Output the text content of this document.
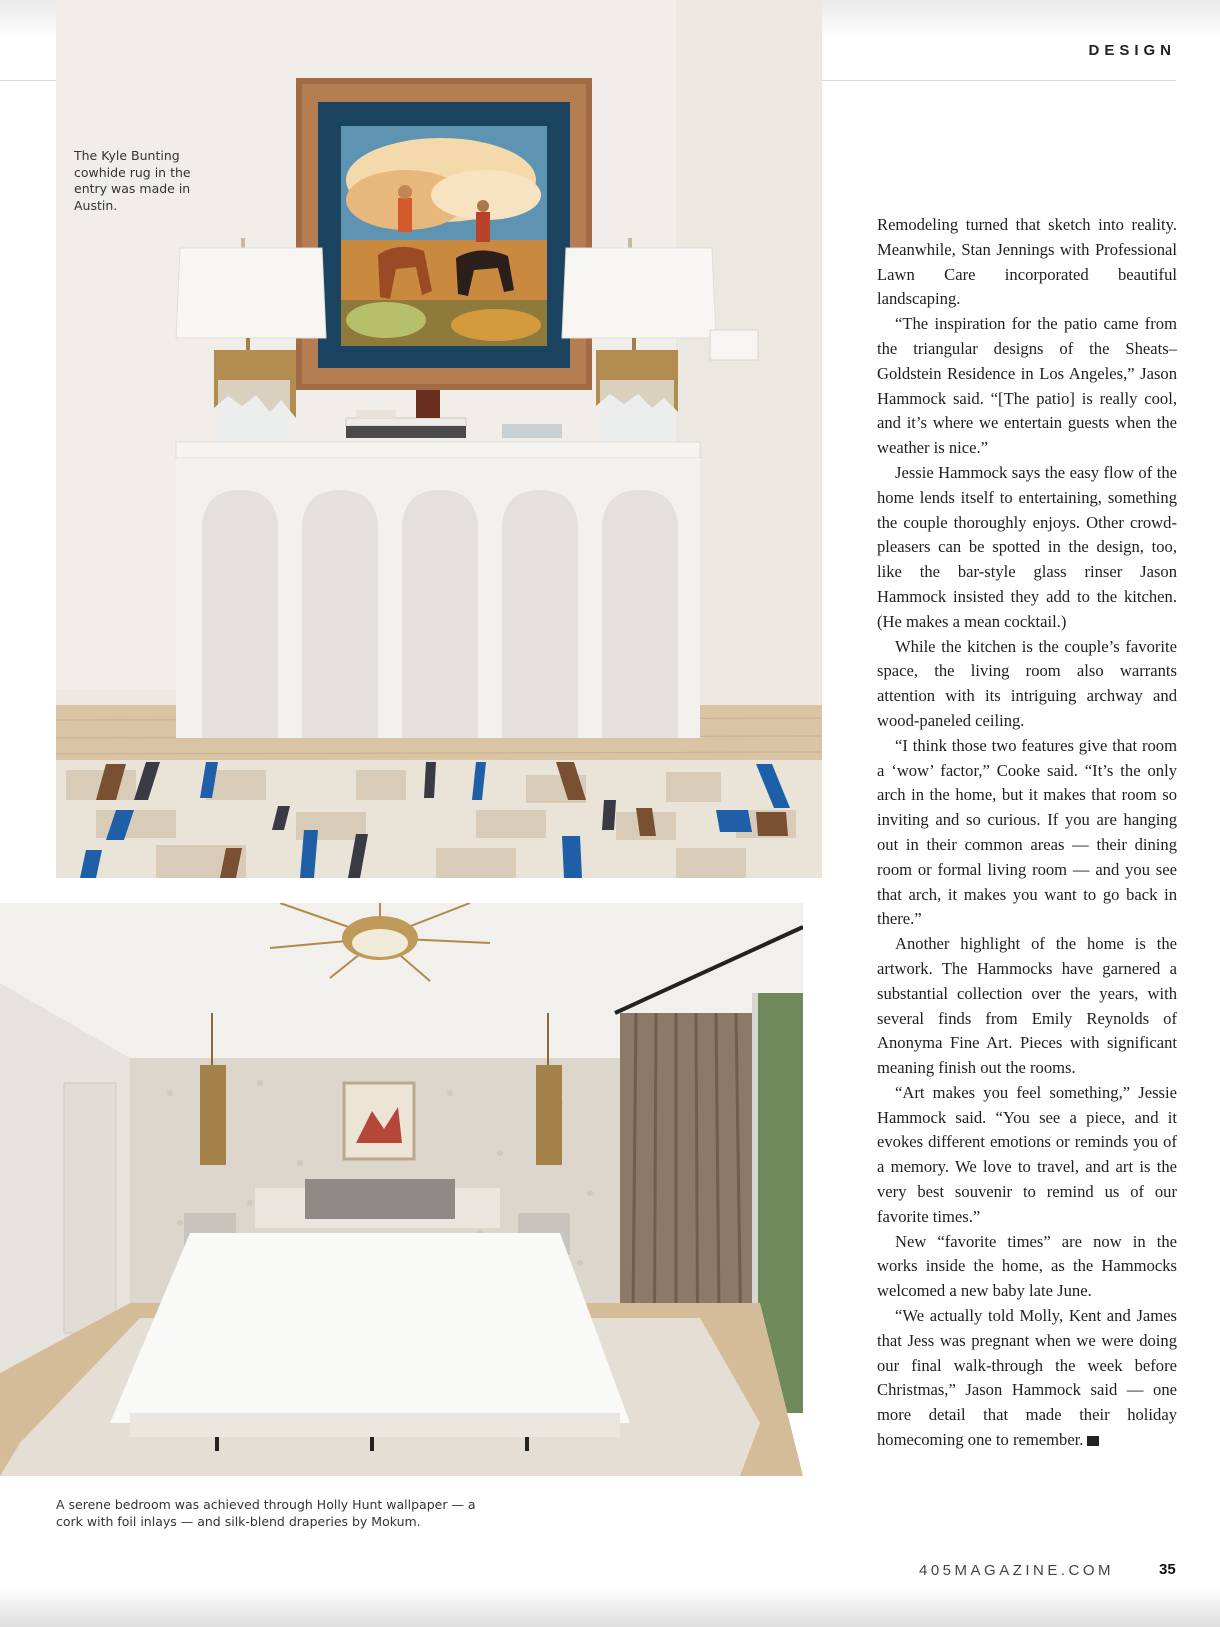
DESIGN
The Kyle Bunting cowhide rug in the entry was made in Austin.
A serene bedroom was achieved through Holly Hunt wallpaper — a cork with foil inlays — and silk-blend draperies by Mokum.

Remodeling turned that sketch into reality. Meanwhile, Stan Jennings with Professional Lawn Care incorporated beautiful landscaping.

“The inspiration for the patio came from the triangular designs of the Sheats–Goldstein Residence in Los Angeles,” Jason Hammock said. “[The patio] is really cool, and it’s where we entertain guests when the weather is nice.”

Jessie Hammock says the easy flow of the home lends itself to entertaining, something the couple thoroughly enjoys. Other crowd-pleasers can be spotted in the design, too, like the bar-style glass rinser Jason Hammock insisted they add to the kitchen. (He makes a mean cocktail.)

While the kitchen is the couple’s favorite space, the living room also warrants attention with its intriguing archway and wood-paneled ceiling.

“I think those two features give that room a ‘wow’ factor,” Cooke said. “It’s the only arch in the home, but it makes that room so inviting and so curious. If you are hanging out in their common areas — their dining room or formal living room — and you see that arch, it makes you want to go back in there.”

Another highlight of the home is the artwork. The Hammocks have garnered a substantial collection over the years, with several finds from Emily Reynolds of Anonyma Fine Art. Pieces with significant meaning finish out the rooms.

“Art makes you feel something,” Jessie Hammock said. “You see a piece, and it evokes different emotions or reminds you of a memory. We love to travel, and art is the very best souvenir to remind us of our favorite times.”

New “favorite times” are now in the works inside the home, as the Hammocks welcomed a new baby late June.

“We actually told Molly, Kent and James that Jess was pregnant when we were doing our final walk-through the week before Christmas,” Jason Hammock said — one more detail that made their holiday homecoming one to remember.

405MAGAZINE.COM	35
